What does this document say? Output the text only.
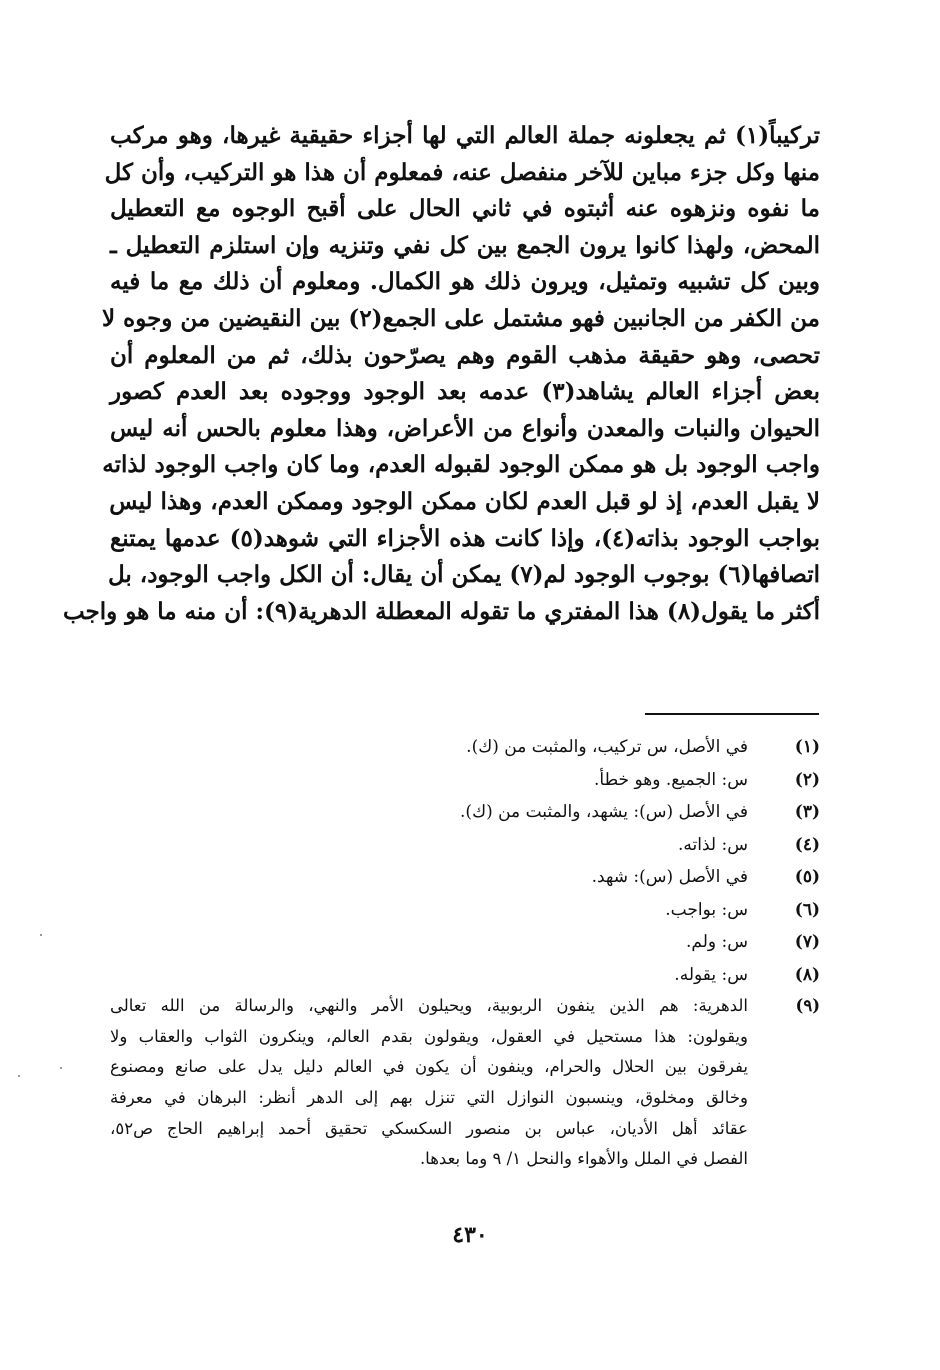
تركيباً(١) ثم يجعلونه جملة العالم التي لها أجزاء حقيقية غيرها، وهو مركب
منها وكل جزء مباين للآخر منفصل عنه، فمعلوم أن هذا هو التركيب، وأن كل
ما نفوه ونزهوه عنه أثبتوه في ثاني الحال على أقبح الوجوه مع التعطيل
المحض، ولهذا كانوا يرون الجمع بين كل نفي وتنزيه وإن استلزم التعطيل ـ
وبين كل تشبيه وتمثيل، ويرون ذلك هو الكمال. ومعلوم أن ذلك مع ما فيه
من الكفر من الجانبين فهو مشتمل على الجمع(٢) بين النقيضين من وجوه لا
تحصى، وهو حقيقة مذهب القوم وهم يصرّحون بذلك، ثم من المعلوم أن
بعض أجزاء العالم يشاهد(٣) عدمه بعد الوجود ووجوده بعد العدم كصور
الحيوان والنبات والمعدن وأنواع من الأعراض، وهذا معلوم بالحس أنه ليس
واجب الوجود بل هو ممكن الوجود لقبوله العدم، وما كان واجب الوجود لذاته
لا يقبل العدم، إذ لو قبل العدم لكان ممكن الوجود وممكن العدم، وهذا ليس
بواجب الوجود بذاته(٤)، وإذا كانت هذه الأجزاء التي شوهد(٥) عدمها يمتنع
اتصافها(٦) بوجوب الوجود لم(٧) يمكن أن يقال: أن الكل واجب الوجود، بل
أكثر ما يقول(٨) هذا المفتري ما تقوله المعطلة الدهرية(٩): أن منه ما هو واجب
(١)
في الأصل، س تركيب، والمثبت من (ك).
(٢)
س: الجميع. وهو خطأ.
(٣)
في الأصل (س): يشهد، والمثبت من (ك).
(٤)
س: لذاته.
(٥)
في الأصل (س): شهد.
(٦)
س: بواجب.
(٧)
س: ولم.
(٨)
س: يقوله.
(٩)
الدهرية: هم الذين ينفون الربوبية، ويحيلون الأمر والنهي، والرسالة من الله تعالى
ويقولون: هذا مستحيل في العقول، ويقولون بقدم العالم، وينكرون الثواب والعقاب ولا
يفرقون بين الحلال والحرام، وينفون أن يكون في العالم دليل يدل على صانع ومصنوع
وخالق ومخلوق، وينسبون النوازل التي تنزل بهم إلى الدهر أنظر: البرهان في معرفة
عقائد أهل الأديان، عباس بن منصور السكسكي تحقيق أحمد إبراهيم الحاج ص٥٢،
الفصل في الملل والأهواء والنحل ١/ ٩ وما بعدها.
٤٣٠
